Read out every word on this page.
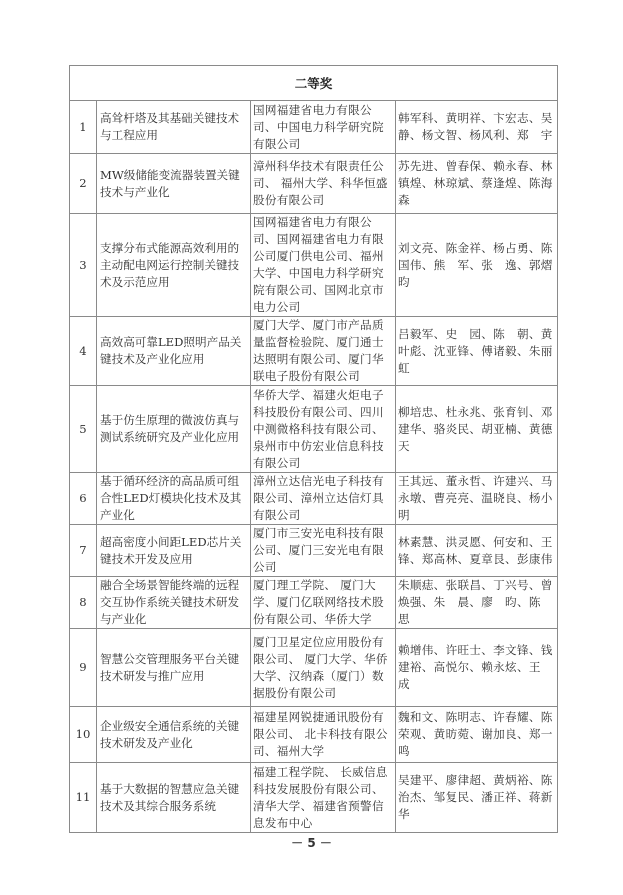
二等奖			
1	高耸杆塔及其基础关键技术与工程应用	国网福建省电力有限公司、中国电力科学研究院有限公司	韩军科、黄明祥、卞宏志、吴　静、杨文智、杨风利、郑　宇
2	MW级储能变流器装置关键技术与产业化	漳州科华技术有限责任公司、 福州大学、科华恒盛股份有限公司	苏先进、曾春保、赖永春、林镇煌、林琼斌、蔡逢煌、陈海森
3	支撑分布式能源高效利用的主动配电网运行控制关键技术及示范应用	国网福建省电力有限公司、国网福建省电力有限公司厦门供电公司、福州大学、中国电力科学研究院有限公司、国网北京市电力公司	刘文亮、陈金祥、杨占勇、陈国伟、熊　军、张　逸、郭熠昀
4	高效高可靠LED照明产品关键技术及产业化应用	厦门大学、厦门市产品质量监督检验院、厦门通士达照明有限公司、厦门华联电子股份有限公司	吕毅军、史　园、陈　朝、黄叶彪、沈亚锋、傅诸毅、朱丽虹
5	基于仿生原理的微波仿真与测试系统研究及产业化应用	华侨大学、福建火炬电子科技股份有限公司、四川中测微格科技有限公司、泉州市中仿宏业信息科技有限公司	柳培忠、杜永兆、张育钊、邓建华、骆炎民、胡亚楠、黄德天
6	基于循环经济的高品质可组合性LED灯模块化技术及其产业化	漳州立达信光电子科技有限公司、漳州立达信灯具有限公司	王其远、董永哲、许建兴、马永墩、曹亮亮、温晓良、杨小明
7	超高密度小间距LED芯片关键技术开发及应用	厦门市三安光电科技有限公司、厦门三安光电有限公司	林素慧、洪灵愿、何安和、王　锋、郑高林、夏章艮、彭康伟
8	融合全场景智能终端的远程交互协作系统关键技术研发与产业化	厦门理工学院、 厦门大学、厦门亿联网络技术股份有限公司、华侨大学	朱顺痣、张联昌、丁兴号、曾焕强、朱　晨、廖　昀、陈　思
9	智慧公交管理服务平台关键技术研发与推广应用	厦门卫星定位应用股份有限公司、 厦门大学、华侨大学、汉纳森（厦门）数据股份有限公司	赖增伟、许旺士、李文锋、钱建裕、高悦尔、赖永炫、王　成
10	企业级安全通信系统的关键技术研发及产业化	福建星网锐捷通讯股份有限公司、 北卡科技有限公司、福州大学	魏和文、陈明志、许春耀、陈荣观、黄昉菀、谢加良、郑一鸣
11	基于大数据的智慧应急关键技术及其综合服务系统	福建工程学院、 长威信息科技发展股份有限公司、清华大学、福建省预警信息发布中心	吴建平、廖律超、黄炳裕、陈治杰、邹复民、潘正祥、蒋新华
－ 5 －
